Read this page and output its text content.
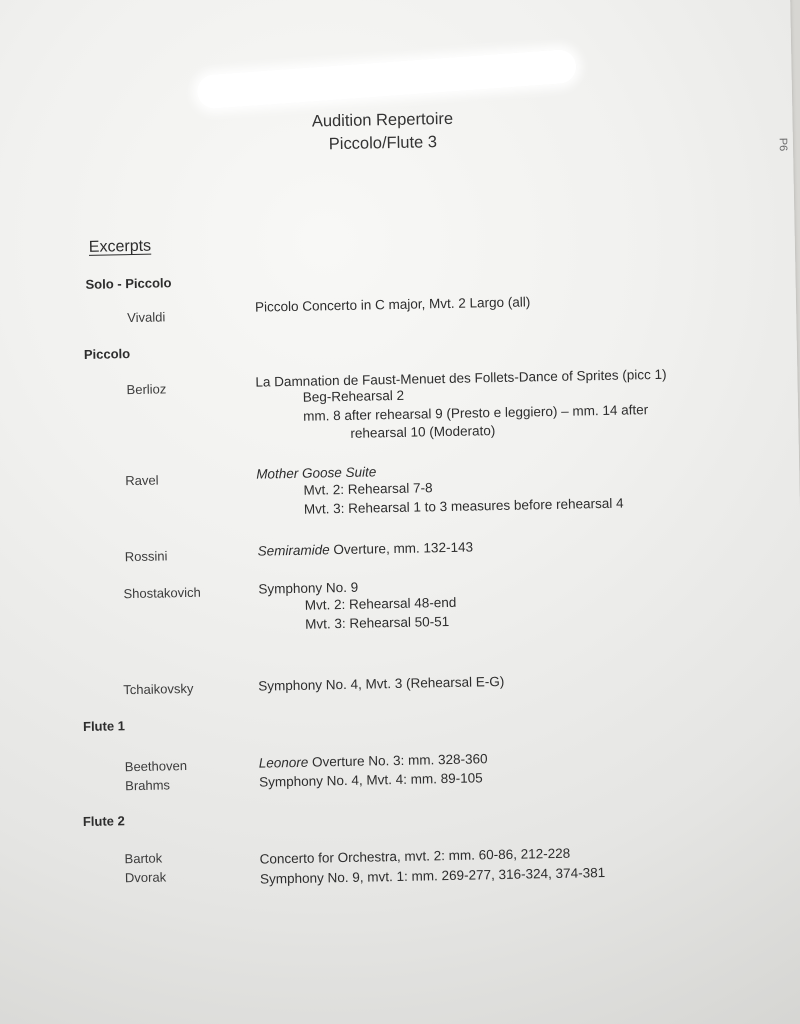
P6
Audition Repertoire
Piccolo/Flute 3
Excerpts
Solo - Piccolo
Vivaldi
Piccolo Concerto in C major, Mvt. 2 Largo (all)
Piccolo
Berlioz	La Damnation de Faust-Menuet des Follets-Dance of Sprites (picc 1)
Beg-Rehearsal 2
mm. 8 after rehearsal 9 (Presto e leggiero) – mm. 14 after
rehearsal 10 (Moderato)
Ravel	Mother Goose Suite
Mvt. 2: Rehearsal 7-8
Mvt. 3: Rehearsal 1 to 3 measures before rehearsal 4
Rossini	Semiramide Overture, mm. 132-143
Shostakovich	Symphony No. 9
Mvt. 2: Rehearsal 48-end
Mvt. 3: Rehearsal 50-51
Tchaikovsky	Symphony No. 4, Mvt. 3 (Rehearsal E-G)
Flute 1
Beethoven	Leonore Overture No. 3: mm. 328-360
Brahms	Symphony No. 4, Mvt. 4: mm. 89-105
Flute 2
Bartok	Concerto for Orchestra, mvt. 2: mm. 60-86, 212-228
Dvorak	Symphony No. 9, mvt. 1: mm. 269-277, 316-324, 374-381
